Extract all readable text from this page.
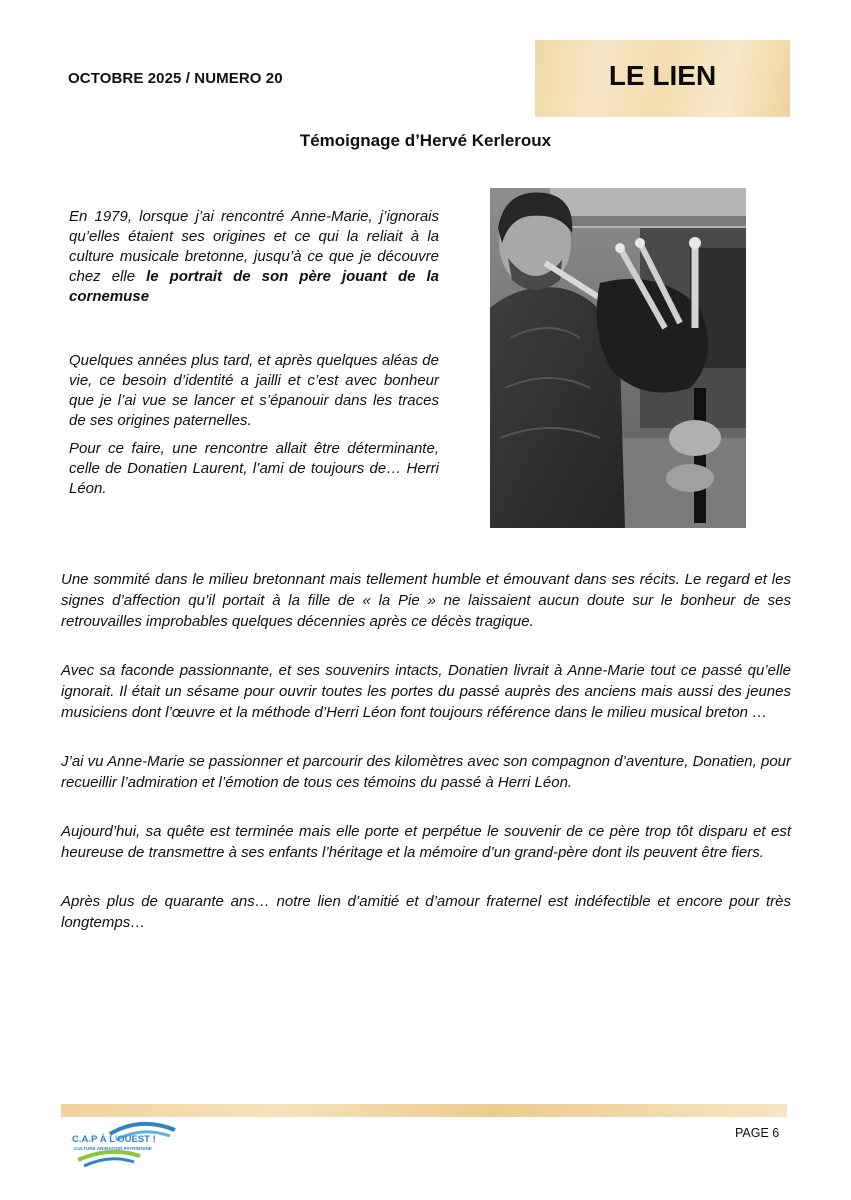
OCTOBRE 2025 / NUMERO 20	LE LIEN
Témoignage d’Hervé Kerleroux

En 1979, lorsque j’ai rencontré Anne-Marie, j’ignorais qu’elles étaient ses origines et ce qui la reliait à la culture musicale bretonne, jusqu’à ce que je découvre chez elle le portrait de son père jouant de la cornemuse

Quelques années plus tard, et après quelques aléas de vie, ce besoin d’identité a jailli et c’est avec bonheur que je l’ai vue se lancer et s’épanouir dans les traces de ses origines paternelles.

Pour ce faire, une rencontre allait être déterminante, celle de Donatien Laurent, l’ami de toujours de… Herri Léon.

Une sommité dans le milieu bretonnant mais tellement humble et émouvant dans ses récits. Le regard et les signes d’affection qu’il portait à la fille de « la Pie » ne laissaient aucun doute sur le bonheur de ses retrouvailles improbables quelques décennies après ce décès tragique.

Avec sa faconde passionnante, et ses souvenirs intacts, Donatien livrait à Anne-Marie tout ce passé qu’elle ignorait. Il était un sésame pour ouvrir toutes les portes du passé auprès des anciens mais aussi des jeunes musiciens dont l’œuvre et la méthode d’Herri Léon font toujours référence dans le milieu musical breton …

J’ai vu Anne-Marie se passionner et parcourir des kilomètres avec son compagnon d’aventure, Donatien, pour recueillir l’admiration et l’émotion de tous ces témoins du passé à Herri Léon.

Aujourd’hui, sa quête est terminée mais elle porte et perpétue le souvenir de ce père trop tôt disparu et est heureuse de transmettre à ses enfants l’héritage et la mémoire d’un grand-père dont ils peuvent être fiers.

Après plus de quarante ans… notre lien d’amitié et d’amour fraternel est indéfectible et encore pour très longtemps…

C.A.P À L’OUEST !
CULTURE ANIMATION PATRIMOINE
PAGE 6
